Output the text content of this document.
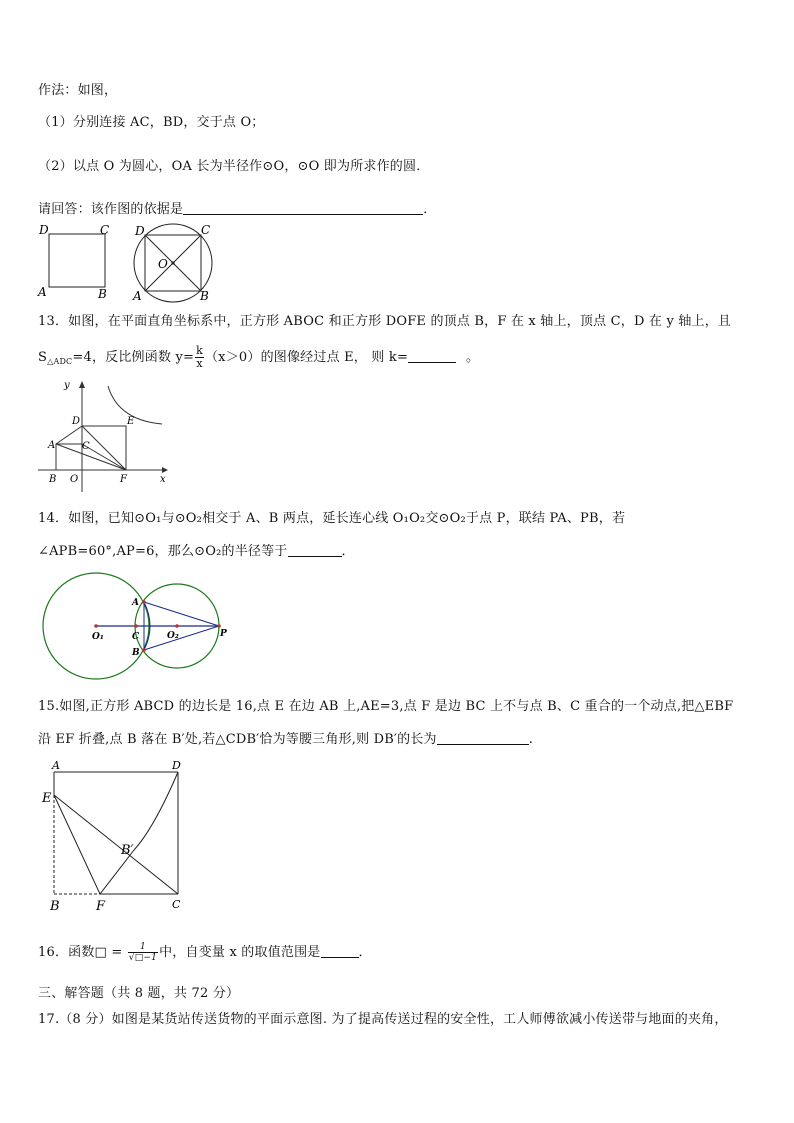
作法：如图，
（1）分别连接 AC，BD，交于点 O；
（2）以点 O 为圆心，OA 长为半径作⊙O，⊙O 即为所求作的圆．
请回答：该作图的依据是	．
D	C
A	B
D	C
A	B
O
13．如图，在平面直角坐标系中，正方形 ABOC 和正方形 DOFE 的顶点 B，F 在 x 轴上，顶点 C，D 在 y 轴上，且
$S_{\triangle ADC}=4$，反比例函数 $y= \frac{k}{x} (x>0)$的图像经过点 E， 则 k=	。
y
x
D	E
A	C
B O	F
14．如图，已知⊙O₁与⊙O₂相交于 A、B 两点，延长连心线 O₁O₂交⊙O₂于点 P，联结 PA、PB，若
∠APB=60°,AP=6，那么⊙O₂的半径等于	．
A
B
C
O₁	O₂	P
15.如图,正方形 ABCD 的边长是 16,点 E 在边 AB 上,AE=3,点 F 是边 BC 上不与点 B、C 重合的一个动点,把△EBF
沿 EF 折叠,点 B 落在 B′处,若△CDB′恰为等腰三角形,则 DB′的长为	.
A	D
E
B′
B	F	C
16．函数□ = $\frac{1}{√□-1}$ 中，自变量 x 的取值范围是	．
三、解答题（共 8 题，共 72 分）
17.（8 分）如图是某货站传送货物的平面示意图. 为了提高传送过程的安全性，工人师傅欲减小传送带与地面的夹角，
